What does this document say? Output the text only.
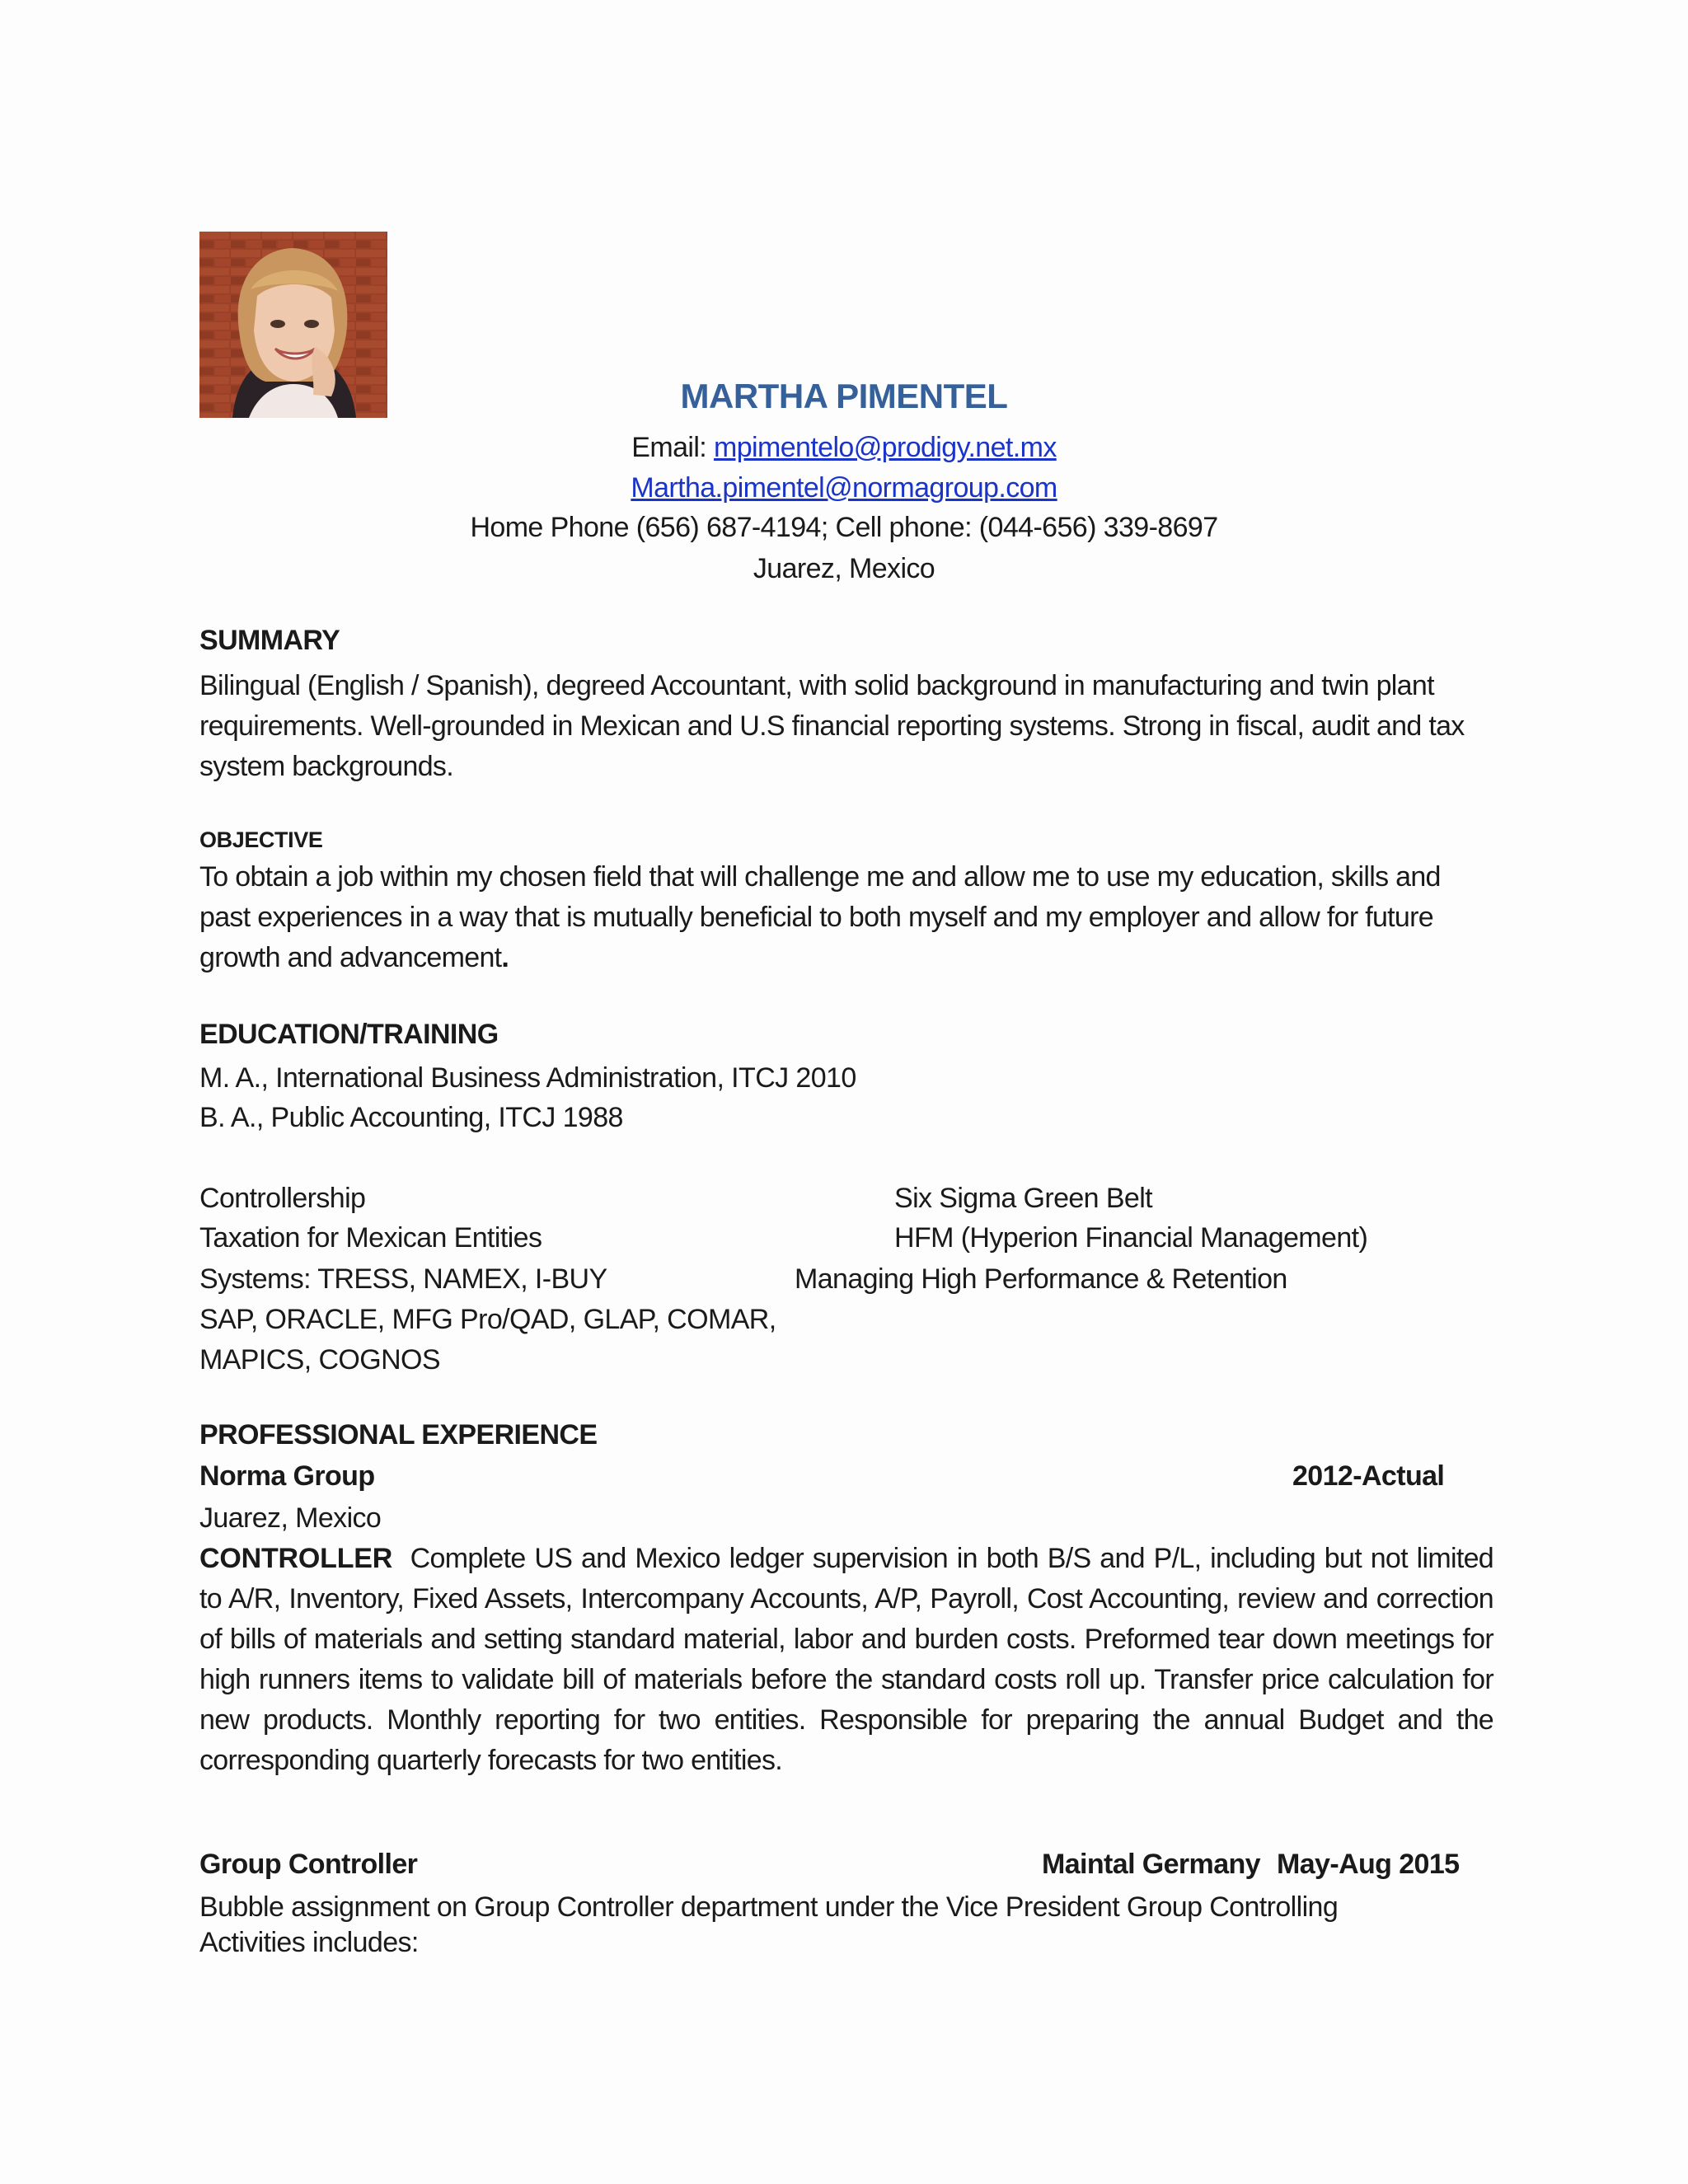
MARTHA PIMENTEL
Email: mpimentelo@prodigy.net.mx
Martha.pimentel@normagroup.com
Home Phone (656) 687-4194; Cell phone: (044-656) 339-8697
Juarez, Mexico
SUMMARY
Bilingual (English / Spanish), degreed Accountant, with solid background in manufacturing and twin plant requirements. Well-grounded in Mexican and U.S financial reporting systems. Strong in fiscal, audit and tax system backgrounds.
OBJECTIVE
To obtain a job within my chosen field that will challenge me and allow me to use my education, skills and past experiences in a way that is mutually beneficial to both myself and my employer and allow for future growth and advancement.
EDUCATION/TRAINING
M. A., International Business Administration, ITCJ 2010
B. A., Public Accounting, ITCJ 1988
Controllership
Taxation for Mexican Entities
Systems: TRESS, NAMEX, I-BUY
SAP, ORACLE, MFG Pro/QAD, GLAP, COMAR,
MAPICS, COGNOS
Six Sigma Green Belt
HFM (Hyperion Financial Management)
Managing High Performance & Retention
PROFESSIONAL EXPERIENCE
Norma Group	2012-Actual
Juarez, Mexico
CONTROLLER Complete US and Mexico ledger supervision in both B/S and P/L, including but not limited to A/R, Inventory, Fixed Assets, Intercompany Accounts, A/P, Payroll, Cost Accounting, review and correction of bills of materials and setting standard material, labor and burden costs. Preformed tear down meetings for high runners items to validate bill of materials before the standard costs roll up. Transfer price calculation for new products. Monthly reporting for two entities. Responsible for preparing the annual Budget and the corresponding quarterly forecasts for two entities.
Group Controller	Maintal Germany May-Aug 2015
Bubble assignment on Group Controller department under the Vice President Group Controlling
Activities includes:
